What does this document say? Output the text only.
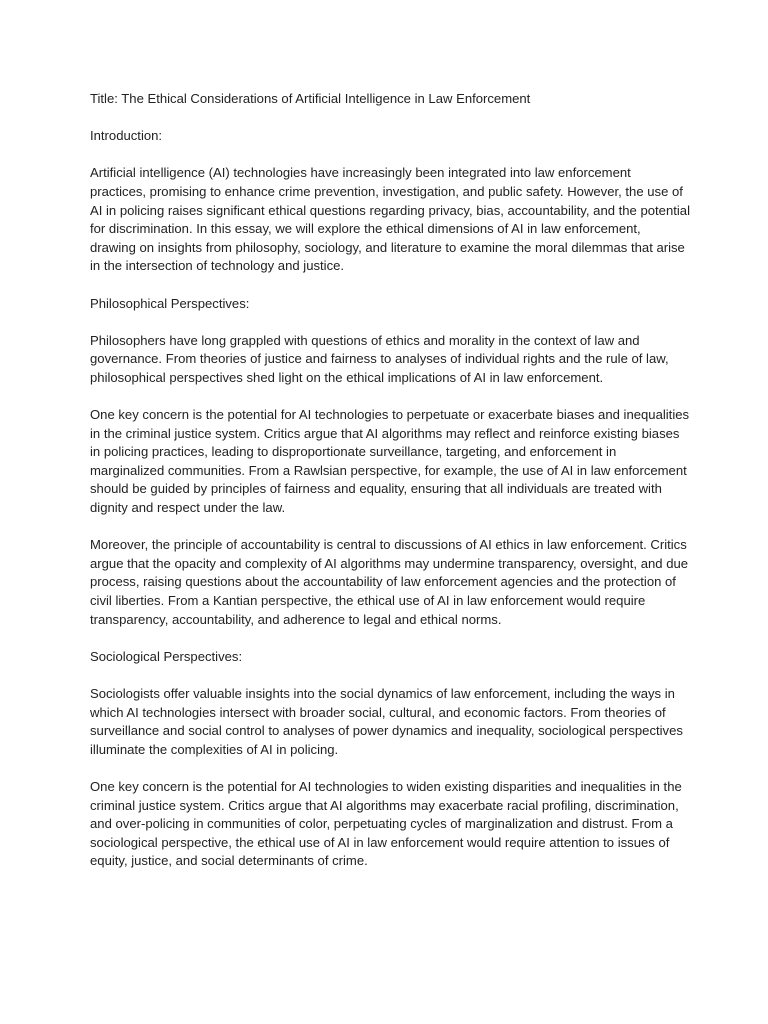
Title: The Ethical Considerations of Artificial Intelligence in Law Enforcement

Introduction:

Artificial intelligence (AI) technologies have increasingly been integrated into law enforcement practices, promising to enhance crime prevention, investigation, and public safety. However, the use of AI in policing raises significant ethical questions regarding privacy, bias, accountability, and the potential for discrimination. In this essay, we will explore the ethical dimensions of AI in law enforcement, drawing on insights from philosophy, sociology, and literature to examine the moral dilemmas that arise in the intersection of technology and justice.

Philosophical Perspectives:

Philosophers have long grappled with questions of ethics and morality in the context of law and governance. From theories of justice and fairness to analyses of individual rights and the rule of law, philosophical perspectives shed light on the ethical implications of AI in law enforcement.

One key concern is the potential for AI technologies to perpetuate or exacerbate biases and inequalities in the criminal justice system. Critics argue that AI algorithms may reflect and reinforce existing biases in policing practices, leading to disproportionate surveillance, targeting, and enforcement in marginalized communities. From a Rawlsian perspective, for example, the use of AI in law enforcement should be guided by principles of fairness and equality, ensuring that all individuals are treated with dignity and respect under the law.

Moreover, the principle of accountability is central to discussions of AI ethics in law enforcement. Critics argue that the opacity and complexity of AI algorithms may undermine transparency, oversight, and due process, raising questions about the accountability of law enforcement agencies and the protection of civil liberties. From a Kantian perspective, the ethical use of AI in law enforcement would require transparency, accountability, and adherence to legal and ethical norms.

Sociological Perspectives:

Sociologists offer valuable insights into the social dynamics of law enforcement, including the ways in which AI technologies intersect with broader social, cultural, and economic factors. From theories of surveillance and social control to analyses of power dynamics and inequality, sociological perspectives illuminate the complexities of AI in policing.

One key concern is the potential for AI technologies to widen existing disparities and inequalities in the criminal justice system. Critics argue that AI algorithms may exacerbate racial profiling, discrimination, and over-policing in communities of color, perpetuating cycles of marginalization and distrust. From a sociological perspective, the ethical use of AI in law enforcement would require attention to issues of equity, justice, and social determinants of crime.
